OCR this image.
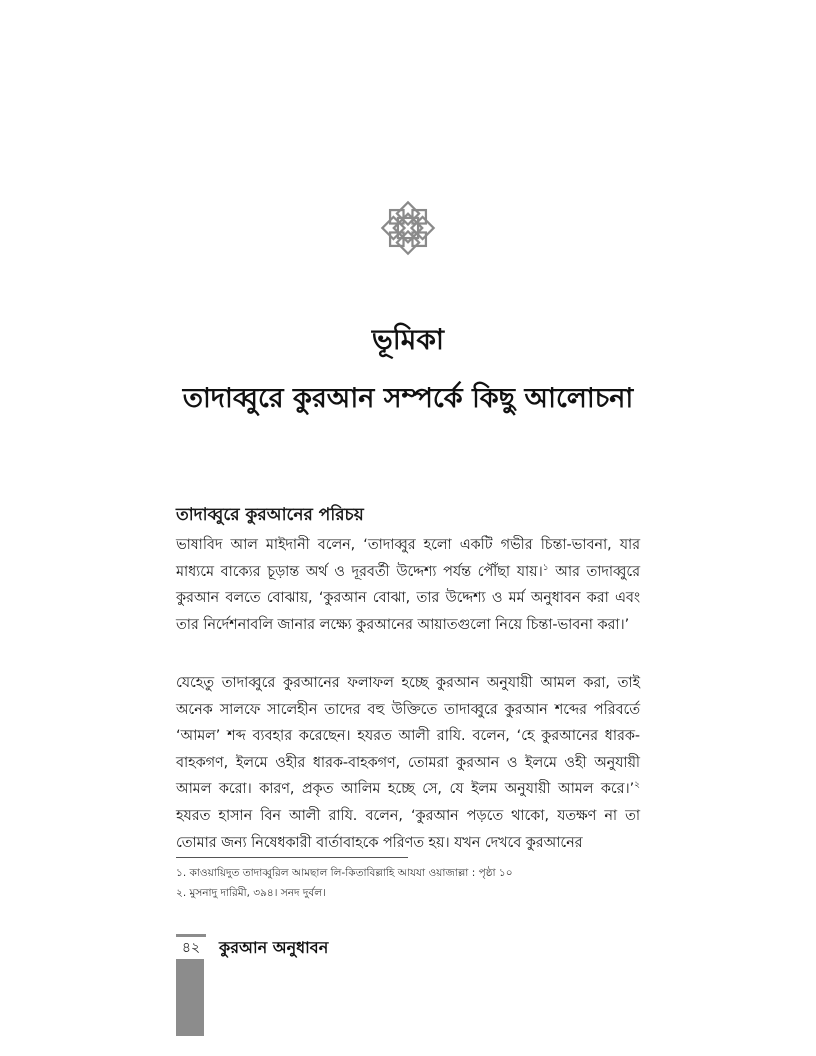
ভূমিকা
তাদাব্বুরে কুরআন সম্পর্কে কিছু আলোচনা
তাদাব্বুরে কুরআনের পরিচয়

ভাষাবিদ আল মাইদানী বলেন, ‘তাদাব্বুর হলো একটি গভীর চিন্তা-ভাবনা, যার মাধ্যমে বাক্যের চূড়ান্ত অর্থ ও দূরবর্তী উদ্দেশ্য পর্যন্ত পৌঁছা যায়।$^১$ আর তাদাব্বুরে কুরআন বলতে বোঝায়, ‘কুরআন বোঝা, তার উদ্দেশ্য ও মর্ম অনুধাবন করা এবং তার নির্দেশনাবলি জানার লক্ষ্যে কুরআনের আয়াতগুলো নিয়ে চিন্তা-ভাবনা করা।’

যেহেতু তাদাব্বুরে কুরআনের ফলাফল হচ্ছে কুরআন অনুযায়ী আমল করা, তাই অনেক সালফে সালেহীন তাদের বহু উক্তিতে তাদাব্বুরে কুরআন শব্দের পরিবর্তে ‘আমল’ শব্দ ব্যবহার করেছেন। হযরত আলী রাযি. বলেন, ‘হে কুরআনের ধারক-বাহকগণ, ইলমে ওহীর ধারক-বাহকগণ, তোমরা কুরআন ও ইলমে ওহী অনুযায়ী আমল করো। কারণ, প্রকৃত আলিম হচ্ছে সে, যে ইলম অনুযায়ী আমল করে।’$^২$ হযরত হাসান বিন আলী রাযি. বলেন, ‘কুরআন পড়তে থাকো, যতক্ষণ না তা তোমার জন্য নিষেধকারী বার্তাবাহকে পরিণত হয়। যখন দেখবে কুরআনের

১. কাওয়ায়িদুত তাদাব্বুরিল আমছাল লি-কিতাবিল্লাহি আযযা ওয়াজাল্লা : পৃষ্ঠা ১০
২. মুসনাদু দারিমী, ৩৯৪। সনদ দুর্বল।
৪২	কুরআন অনুধাবন
